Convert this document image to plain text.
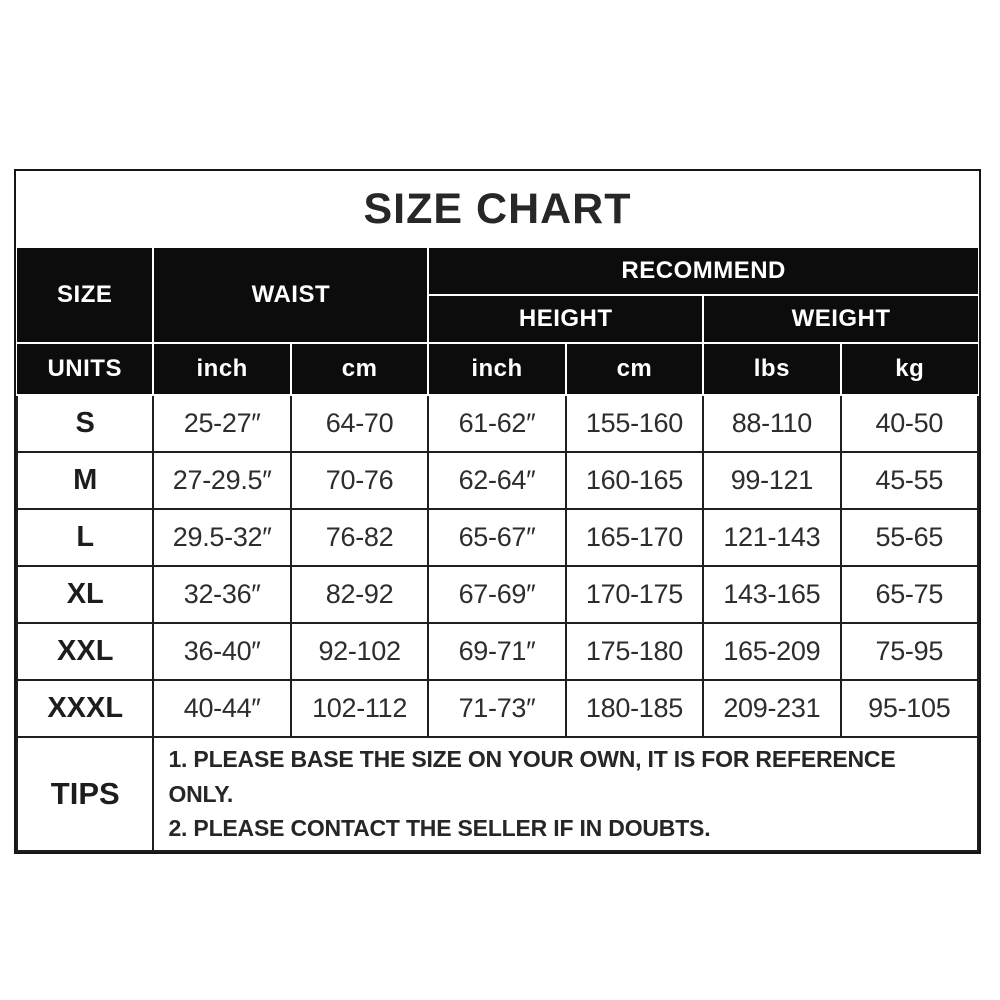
SIZE CHART
SIZE	WAIST		RECOMMEND			
			HEIGHT		WEIGHT	
UNITS	inch	cm	inch	cm	lbs	kg
S	25-27″	64-70	61-62″	155-160	88-110	40-50
M	27-29.5″	70-76	62-64″	160-165	99-121	45-55
L	29.5-32″	76-82	65-67″	165-170	121-143	55-65
XL	32-36″	82-92	67-69″	170-175	143-165	65-75
XXL	36-40″	92-102	69-71″	175-180	165-209	75-95
XXXL	40-44″	102-112	71-73″	180-185	209-231	95-105
TIPS	1. PLEASE BASE THE SIZE ON YOUR OWN, IT IS FOR REFERENCE ONLY.
2. PLEASE CONTACT THE SELLER IF IN DOUBTS.					
